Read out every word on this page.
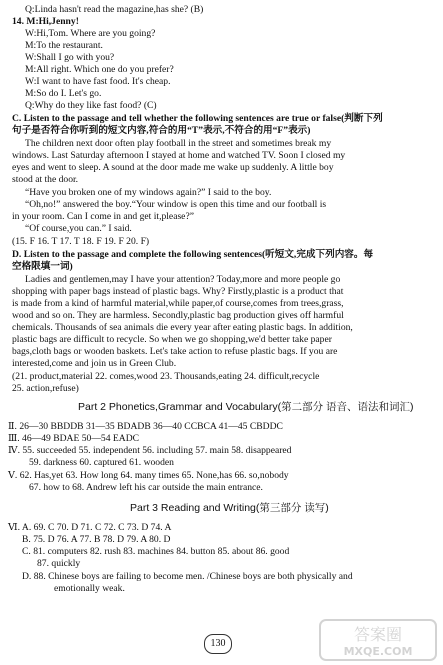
Q:Linda hasn't read the magazine,has she? (B)
14. M:Hi,Jenny!
W:Hi,Tom. Where are you going?
M:To the restaurant.
W:Shall I go with you?
M:All right. Which one do you prefer?
W:I want to have fast food. It's cheap.
M:So do I. Let's go.
Q:Why do they like fast food? (C)
C. Listen to the passage and tell whether the following sentences are true or false(判断下列
句子是否符合你听到的短文内容,符合的用“T”表示,不符合的用“F”表示)
The children next door often play football in the street and sometimes break my
windows. Last Saturday afternoon I stayed at home and watched TV. Soon I closed my
eyes and went to sleep. A sound at the door made me wake up suddenly. A little boy
stood at the door.
“Have you broken one of my windows again?” I said to the boy.
“Oh,no!” answered the boy.“Your window is open this time and our football is
in your room. Can I come in and get it,please?”
“Of course,you can.” I said.
(15. F 16. T 17. T 18. F 19. F 20. F)
D. Listen to the passage and complete the following sentences(听短文,完成下列内容。每
空格限填一词)
Ladies and gentlemen,may I have your attention? Today,more and more people go
shopping with paper bags instead of plastic bags. Why? Firstly,plastic is a product that
is made from a kind of harmful material,while paper,of course,comes from trees,grass,
wood and so on. They are harmless. Secondly,plastic bag production gives off harmful
chemicals. Thousands of sea animals die every year after eating plastic bags. In addition,
plastic bags are difficult to recycle. So when we go shopping,we'd better take paper
bags,cloth bags or wooden baskets. Let's take action to refuse plastic bags. If you are
interested,come and join us in Green Club.
(21. product,material 22. comes,wood 23. Thousands,eating 24. difficult,recycle
25. action,refuse)
Ⅱ. 26—30 BBDDB 31—35 BDADB 36—40 CCBCA 41—45 CBDDC
Ⅲ. 46—49 BDAE 50—54 EADC
Ⅳ. 55. succeeded 55. independent 56. including 57. main 58. disappeared
59. darkness 60. captured 61. wooden
Ⅴ. 62. Has,yet 63. How long 64. many times 65. None,has 66. so,nobody
67. how to 68. Andrew left his car outside the main entrance.
Ⅵ. A. 69. C 70. D 71. C 72. C 73. D 74. A
B. 75. D 76. A 77. B 78. D 79. A 80. D
C. 81. computers 82. rush 83. machines 84. button 85. about 86. good
87. quickly
D. 88. Chinese boys are failing to become men. /Chinese boys are both physically and
emotionally weak.
Part 2 Phonetics,Grammar and Vocabulary(第二部分 语音、语法和词汇)
Part 3 Reading and Writing(第三部分 读写)
130	答案圈
MXQE.COM
